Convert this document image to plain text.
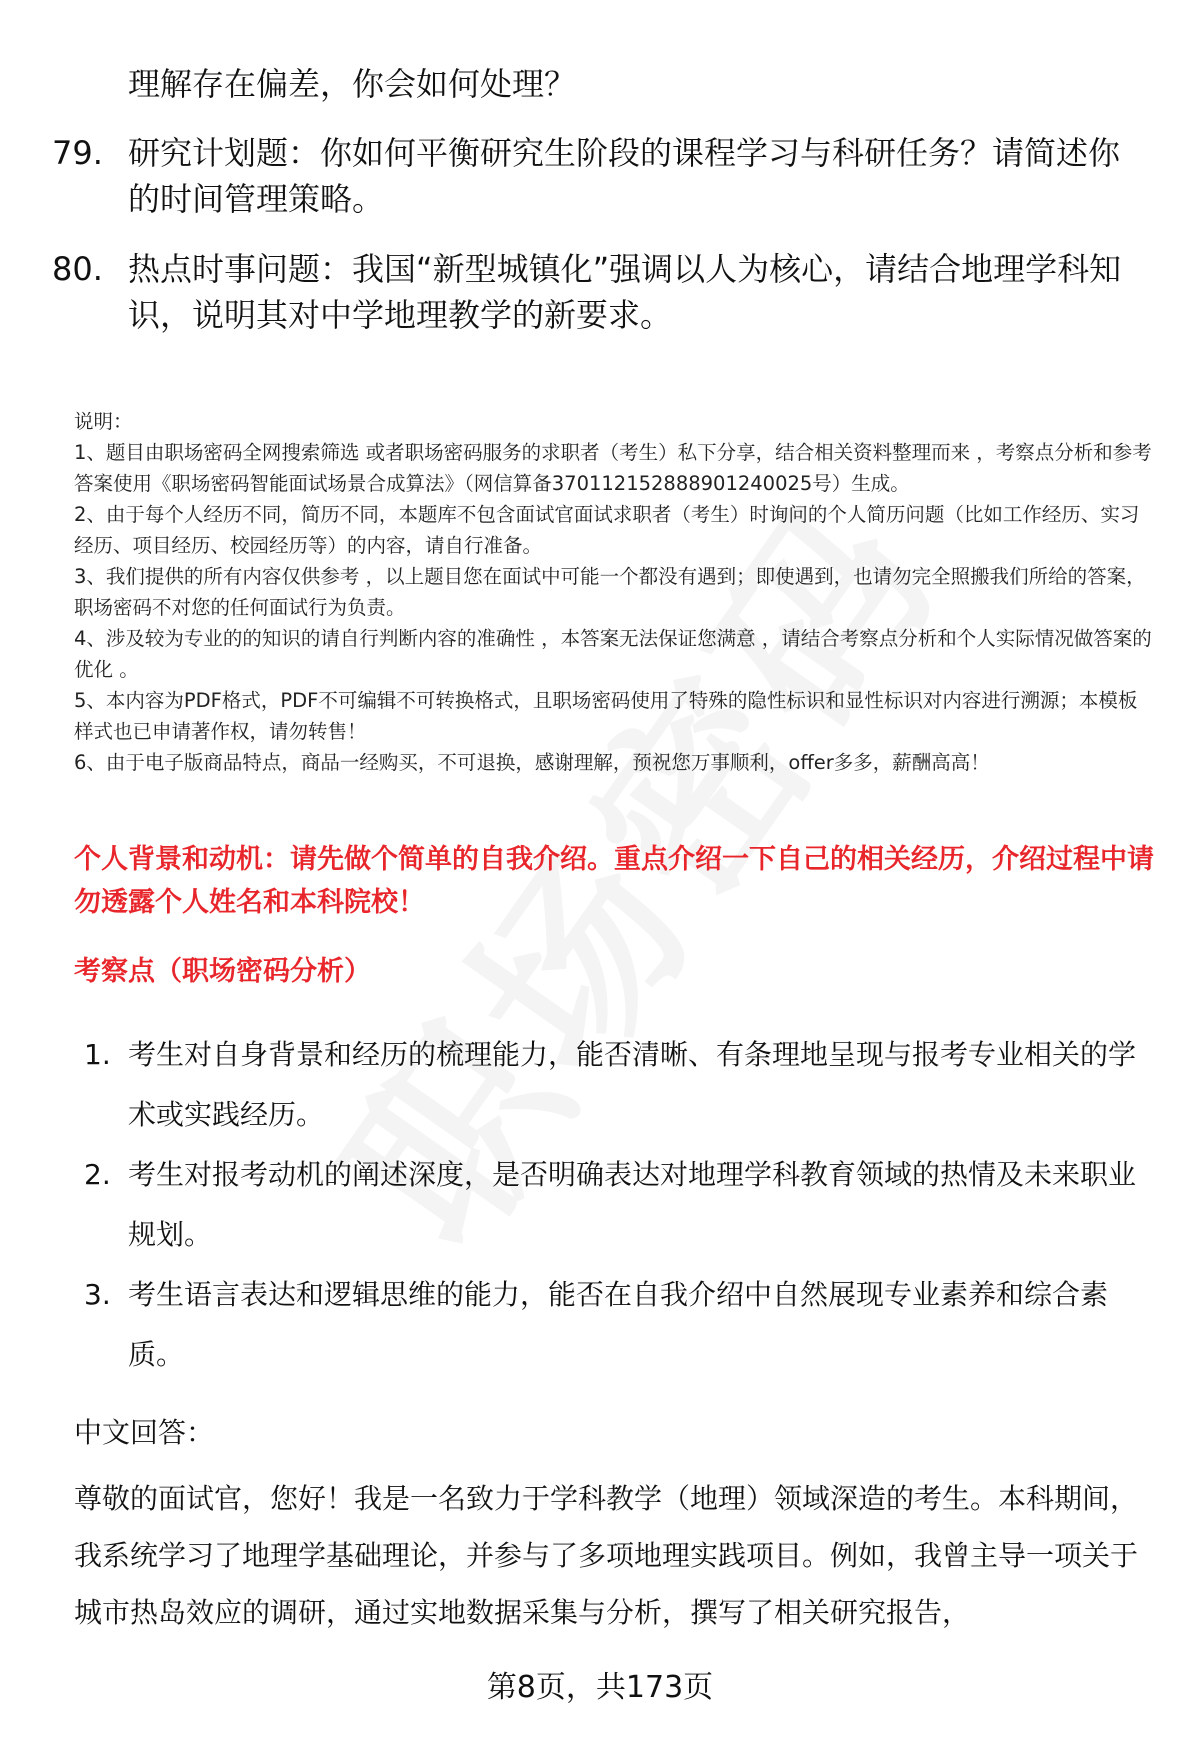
理解存在偏差，你会如何处理？
79. 研究计划题：你如何平衡研究生阶段的课程学习与科研任务？请简述你的时间管理策略。
80. 热点时事问题：我国“新型城镇化”强调以人为核心，请结合地理学科知识，说明其对中学地理教学的新要求。
说明：
1、题目由职场密码全网搜索筛选 或者职场密码服务的求职者（考生）私下分享，结合相关资料整理而来 ，考察点分析和参考答案使用《职场密码智能面试场景合成算法》（网信算备370112152888901240025号）生成。
2、由于每个人经历不同，简历不同，本题库不包含面试官面试求职者（考生）时询问的个人简历问题（比如工作经历、实习经历、项目经历、校园经历等）的内容，请自行准备。
3、我们提供的所有内容仅供参考 ，以上题目您在面试中可能一个都没有遇到；即使遇到，也请勿完全照搬我们所给的答案，职场密码不对您的任何面试行为负责。
4、涉及较为专业的的知识的请自行判断内容的准确性 ，本答案无法保证您满意 ，请结合考察点分析和个人实际情况做答案的优化 。
5、本内容为PDF格式，PDF不可编辑不可转换格式，且职场密码使用了特殊的隐性标识和显性标识对内容进行溯源；本模板样式也已申请著作权，请勿转售！
6、由于电子版商品特点，商品一经购买，不可退换，感谢理解，预祝您万事顺利，offer多多，薪酬高高！
个人背景和动机：请先做个简单的自我介绍。重点介绍一下自己的相关经历，介绍过程中请勿透露个人姓名和本科院校！
考察点（职场密码分析）
1. 考生对自身背景和经历的梳理能力，能否清晰、有条理地呈现与报考专业相关的学术或实践经历。
2. 考生对报考动机的阐述深度，是否明确表达对地理学科教育领域的热情及未来职业规划。
3. 考生语言表达和逻辑思维的能力，能否在自我介绍中自然展现专业素养和综合素质。
中文回答：
尊敬的面试官，您好！我是一名致力于学科教学（地理）领域深造的考生。本科期间，我系统学习了地理学基础理论，并参与了多项地理实践项目。例如，我曾主导一项关于城市热岛效应的调研，通过实地数据采集与分析，撰写了相关研究报告，
第8页，共173页
